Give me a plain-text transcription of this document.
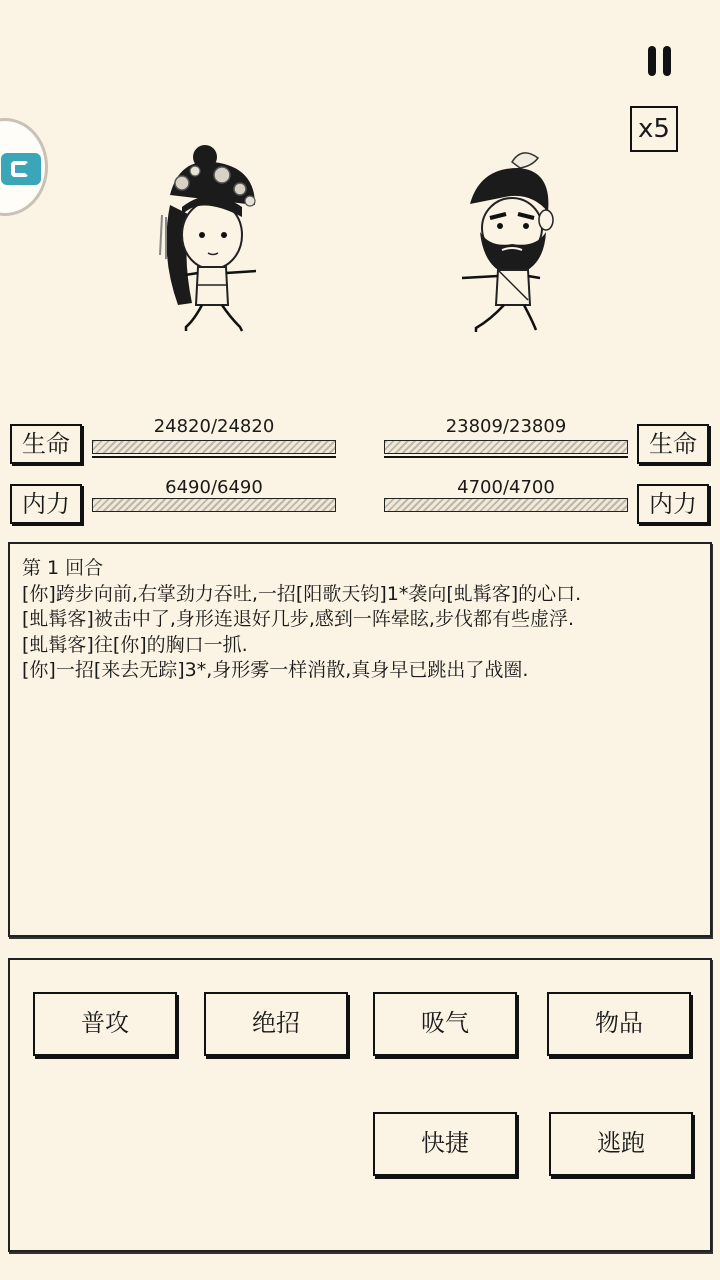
x5
生命
24820/24820
内力
6490/6490
生命
23809/23809
内力
4700/4700
第 1 回合
[你]跨步向前,右掌劲力吞吐,一招[阳歌天钧]1*袭向[虬髯客]的心口.
[虬髯客]被击中了,身形连退好几步,感到一阵晕眩,步伐都有些虚浮.
[虬髯客]往[你]的胸口一抓.
[你]一招[来去无踪]3*,身形雾一样消散,真身早已跳出了战圈.
普攻	绝招	吸气	物品
快捷	逃跑
